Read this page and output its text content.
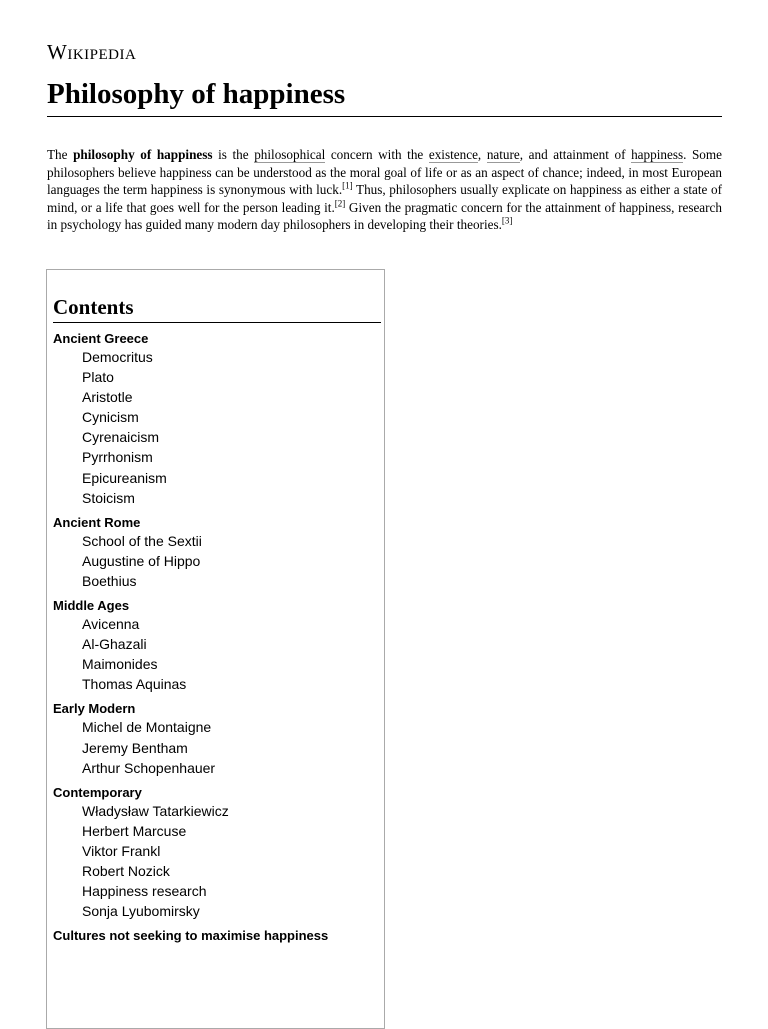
Wikipedia
Philosophy of happiness

The philosophy of happiness is the philosophical concern with the existence, nature, and attainment of happiness. Some philosophers believe happiness can be understood as the moral goal of life or as an aspect of chance; indeed, in most European languages the term happiness is synonymous with luck.[1] Thus, philosophers usually explicate on happiness as either a state of mind, or a life that goes well for the person leading it.[2] Given the pragmatic concern for the attainment of happiness, research in psychology has guided many modern day philosophers in developing their theories.[3]

Contents
Ancient Greece
Democritus
Plato
Aristotle
Cynicism
Cyrenaicism
Pyrrhonism
Epicureanism
Stoicism
Ancient Rome
School of the Sextii
Augustine of Hippo
Boethius
Middle Ages
Avicenna
Al-Ghazali
Maimonides
Thomas Aquinas
Early Modern
Michel de Montaigne
Jeremy Bentham
Arthur Schopenhauer
Contemporary
Władysław Tatarkiewicz
Herbert Marcuse
Viktor Frankl
Robert Nozick
Happiness research
Sonja Lyubomirsky
Cultures not seeking to maximise happiness
